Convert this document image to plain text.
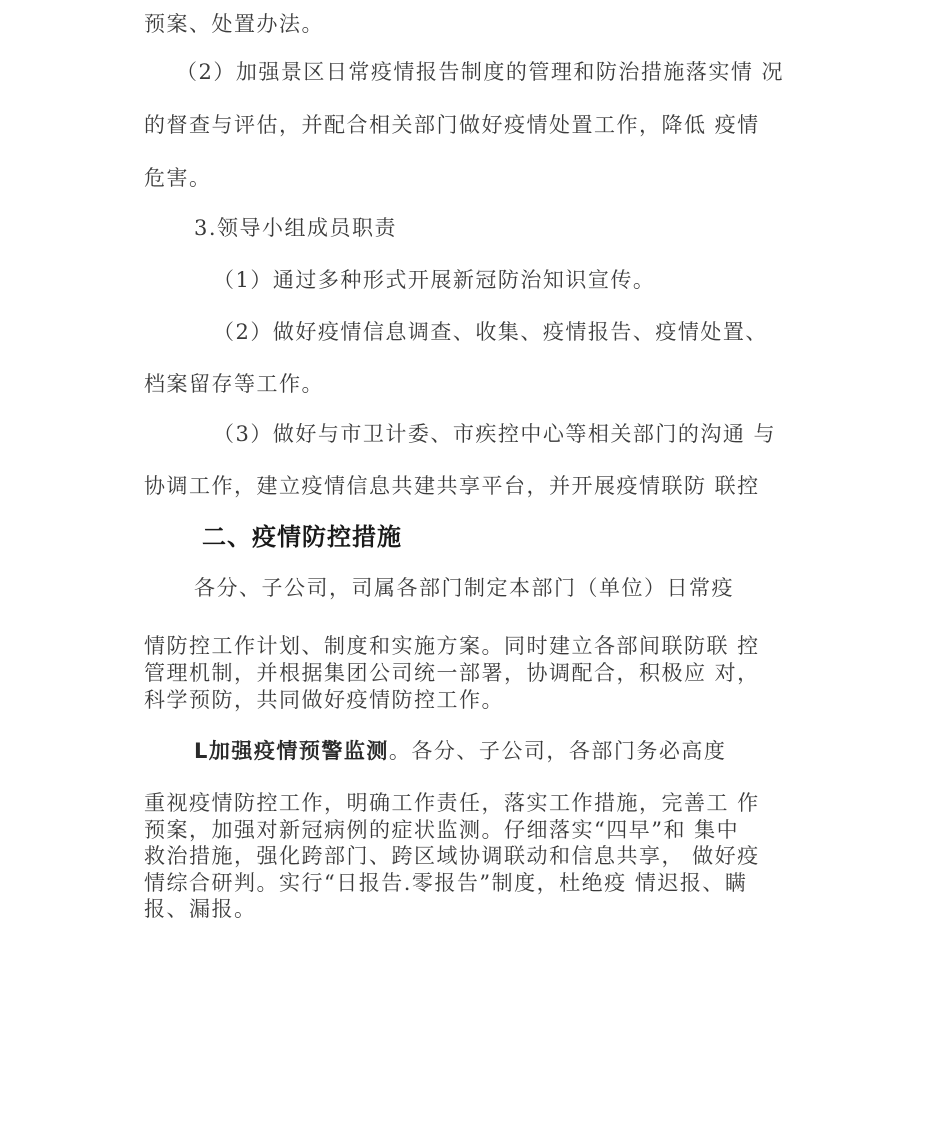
预案、处置办法。
（2）加强景区日常疫情报告制度的管理和防治措施落实情 况
的督查与评估，并配合相关部门做好疫情处置工作，降低 疫情
危害。
3.领导小组成员职责
（1）通过多种形式开展新冠防治知识宣传。
（2）做好疫情信息调查、收集、疫情报告、疫情处置、
档案留存等工作。
（3）做好与市卫计委、市疾控中心等相关部门的沟通 与
协调工作，建立疫情信息共建共享平台，并开展疫情联防 联控
二、疫情防控措施
各分、子公司，司属各部门制定本部门（单位）日常疫
情防控工作计划、制度和实施方案。同时建立各部间联防联 控
管理机制，并根据集团公司统一部署，协调配合，积极应 对，
科学预防，共同做好疫情防控工作。
L加强疫情预警监测。各分、子公司，各部门务必高度
重视疫情防控工作，明确工作责任，落实工作措施，完善工 作
预案，加强对新冠病例的症状监测。仔细落实“四早”和 集中
救治措施，强化跨部门、跨区域协调联动和信息共享， 做好疫
情综合研判。实行“日报告.零报告”制度，杜绝疫 情迟报、瞒
报、漏报。
